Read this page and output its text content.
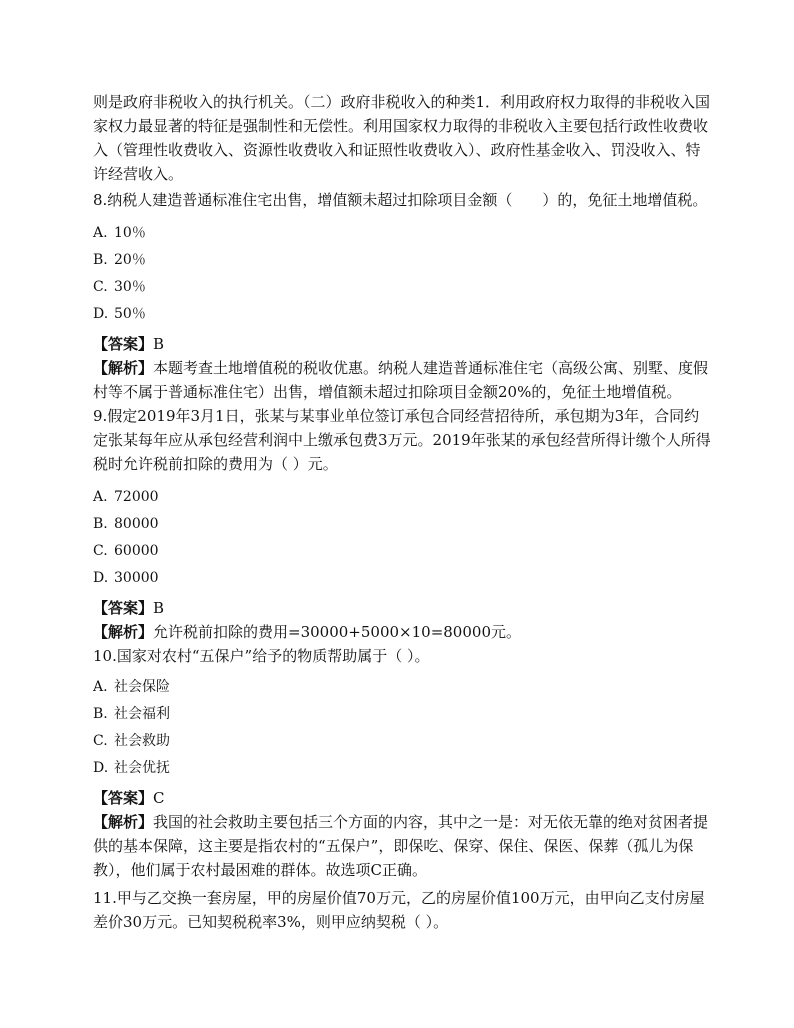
则是政府非税收入的执行机关。（二）政府非税收入的种类1．利用政府权力取得的非税收入国家权力最显著的特征是强制性和无偿性。利用国家权力取得的非税收入主要包括行政性收费收入（管理性收费收入、资源性收费收入和证照性收费收入）、政府性基金收入、罚没收入、特许经营收入。

8.纳税人建造普通标准住宅出售，增值额未超过扣除项目金额（　　）的，免征土地增值税。

A. 10％

B. 20％

C. 30％

D. 50％

【答案】B

【解析】本题考查土地增值税的税收优惠。纳税人建造普通标准住宅（高级公寓、别墅、度假村等不属于普通标准住宅）出售，增值额未超过扣除项目金额20%的，免征土地增值税。

9.假定2019年3月1日，张某与某事业单位签订承包合同经营招待所，承包期为3年，合同约定张某每年应从承包经营利润中上缴承包费3万元。2019年张某的承包经营所得计缴个人所得税时允许税前扣除的费用为（ ）元。

A. 72000

B. 80000

C. 60000

D. 30000

【答案】B

【解析】允许税前扣除的费用=30000+5000×10=80000元。

10.国家对农村“五保户”给予的物质帮助属于（ ）。

A. 社会保险

B. 社会福利

C. 社会救助

D. 社会优抚

【答案】C

【解析】我国的社会救助主要包括三个方面的内容，其中之一是：对无依无靠的绝对贫困者提供的基本保障，这主要是指农村的“五保户”，即保吃、保穿、保住、保医、保葬（孤儿为保教），他们属于农村最困难的群体。故选项C正确。

11.甲与乙交换一套房屋，甲的房屋价值70万元，乙的房屋价值100万元，由甲向乙支付房屋差价30万元。已知契税税率3%，则甲应纳契税（ ）。
